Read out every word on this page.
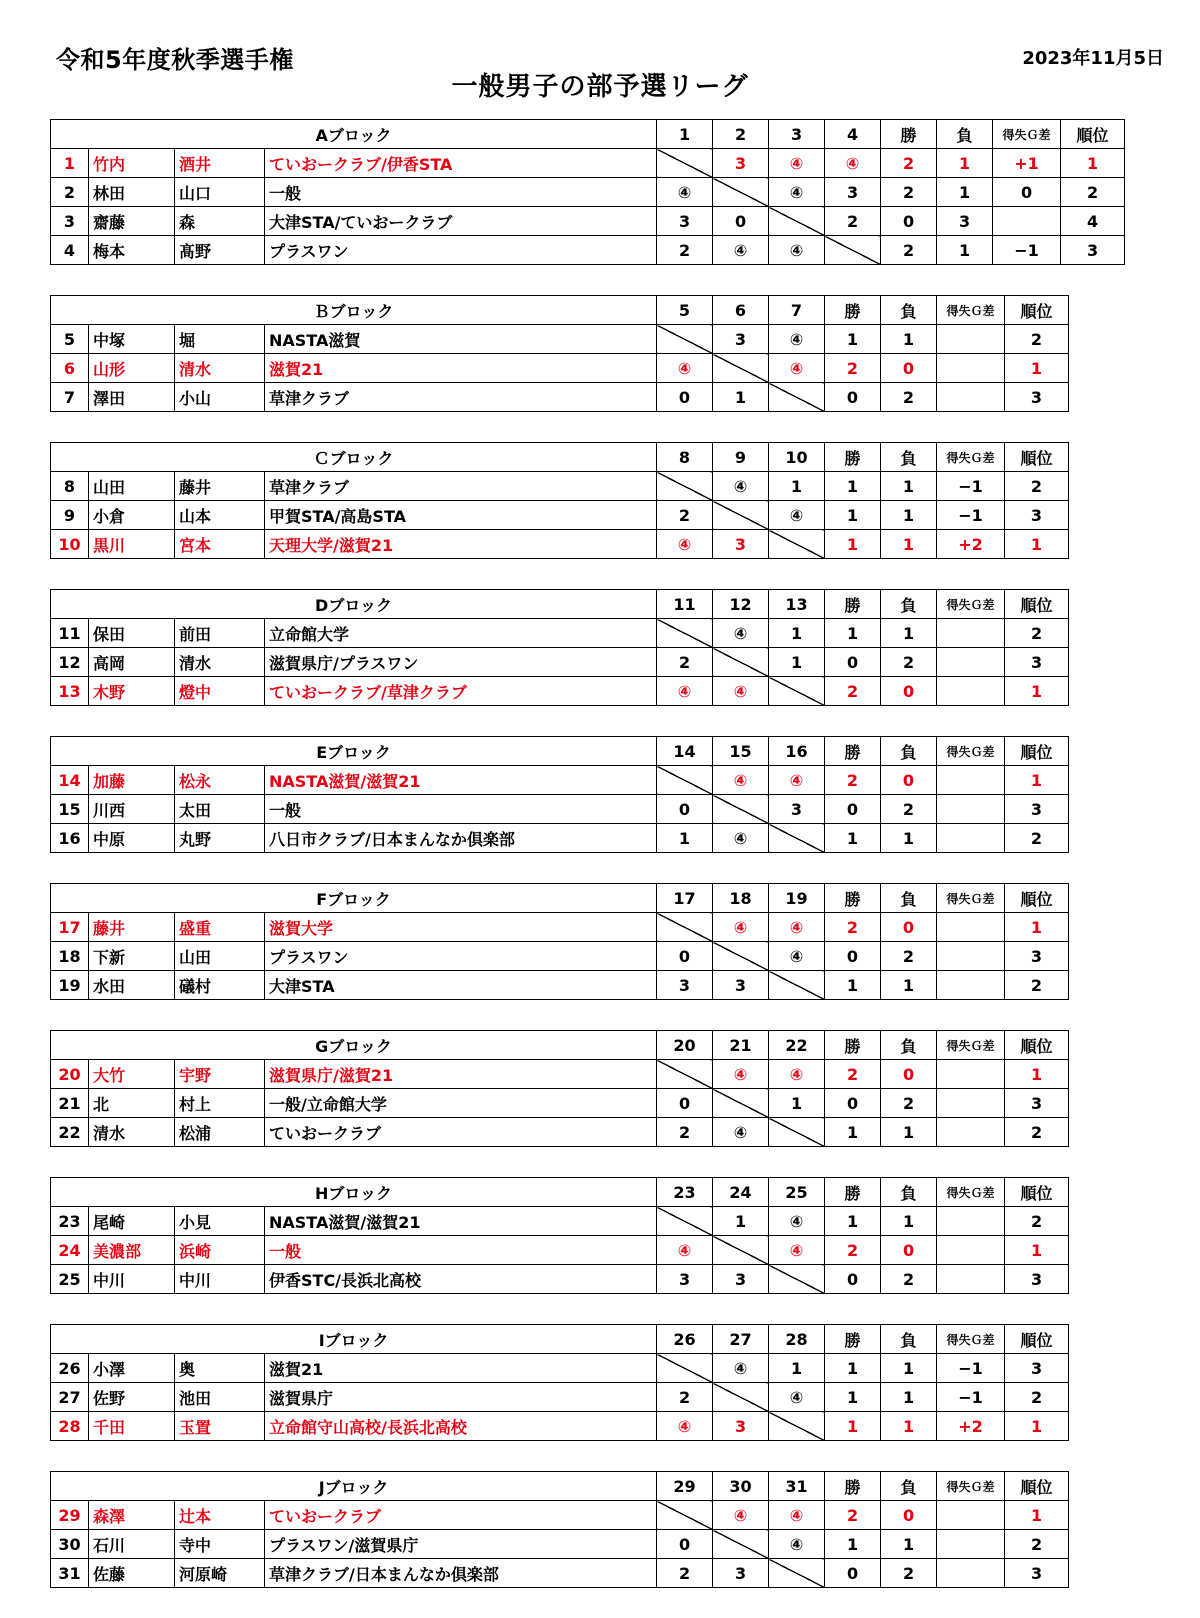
令和5年度秋季選手権	2023年11月5日
一般男子の部予選リーグ
Aブロック				1	2	3	4	勝	負	得失Ｇ差	順位
1	竹内	酒井	ていおークラブ/伊香STA		3	④	④	2	1	+1	1
2	林田	山口	一般	④		④	3	2	1	0	2
3	齋藤	森	大津STA/ていおークラブ	3	0		2	0	3		4
4	梅本	髙野	プラスワン	2	④	④		2	1	−1	3
Ｂブロック				5	6	7	勝	負	得失Ｇ差	順位
5	中塚	堀	NASTA滋賀		3	④	1	1		2
6	山形	清水	滋賀21	④		④	2	0		1
7	澤田	小山	草津クラブ	0	1		0	2		3
Ｃブロック				8	9	10	勝	負	得失Ｇ差	順位
8	山田	藤井	草津クラブ		④	1	1	1	−1	2
9	小倉	山本	甲賀STA/高島STA	2		④	1	1	−1	3
10	黒川	宮本	天理大学/滋賀21	④	3		1	1	+2	1
Dブロック				11	12	13	勝	負	得失Ｇ差	順位
11	保田	前田	立命館大学		④	1	1	1		2
12	高岡	清水	滋賀県庁/プラスワン	2		1	0	2		3
13	木野	燈中	ていおークラブ/草津クラブ	④	④		2	0		1
Eブロック				14	15	16	勝	負	得失Ｇ差	順位
14	加藤	松永	NASTA滋賀/滋賀21		④	④	2	0		1
15	川西	太田	一般	0		3	0	2		3
16	中原	丸野	八日市クラブ/日本まんなか倶楽部	1	④		1	1		2
Fブロック				17	18	19	勝	負	得失Ｇ差	順位
17	藤井	盛重	滋賀大学		④	④	2	0		1
18	下新	山田	プラスワン	0		④	0	2		3
19	水田	礒村	大津STA	3	3		1	1		2
Gブロック				20	21	22	勝	負	得失Ｇ差	順位
20	大竹	宇野	滋賀県庁/滋賀21		④	④	2	0		1
21	北	村上	一般/立命館大学	0		1	0	2		3
22	清水	松浦	ていおークラブ	2	④		1	1		2
Hブロック				23	24	25	勝	負	得失Ｇ差	順位
23	尾崎	小見	NASTA滋賀/滋賀21		1	④	1	1		2
24	美濃部	浜崎	一般	④		④	2	0		1
25	中川	中川	伊香STC/長浜北高校	3	3		0	2		3
Iブロック				26	27	28	勝	負	得失Ｇ差	順位
26	小澤	奥	滋賀21		④	1	1	1	−1	3
27	佐野	池田	滋賀県庁	2		④	1	1	−1	2
28	千田	玉置	立命館守山高校/長浜北高校	④	3		1	1	+2	1
Jブロック				29	30	31	勝	負	得失Ｇ差	順位
29	森澤	辻本	ていおークラブ		④	④	2	0		1
30	石川	寺中	プラスワン/滋賀県庁	0		④	1	1		2
31	佐藤	河原崎	草津クラブ/日本まんなか倶楽部	2	3		0	2		3
